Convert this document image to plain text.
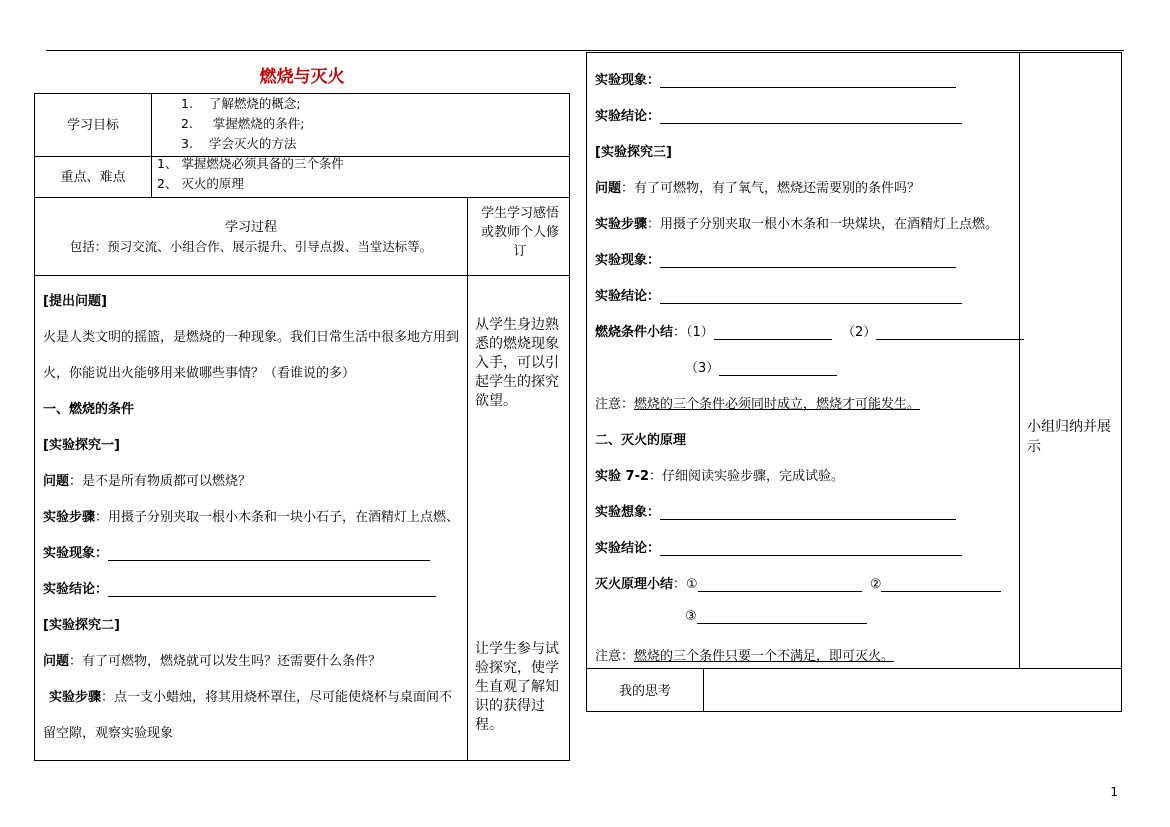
燃烧与灭火
学习目标
1.    了解燃烧的概念;
2.     掌握燃烧的条件;
3.    学会灭火的方法
重点、难点
1、 掌握燃烧必须具备的三个条件
2、 灭火的原理
学习过程
包括：预习交流、小组合作、展示提升、引导点拨、当堂达标等。
学生学习感悟或教师个人修订
[提出问题]
火是人类文明的摇篮，是燃烧的一种现象。我们日常生活中很多地方用到
火，你能说出火能够用来做哪些事情？（看谁说的多）
一、燃烧的条件
[实验探究一]
问题：是不是所有物质都可以燃烧？
实验步骤：用摄子分别夹取一根小木条和一块小石子，在酒精灯上点燃、
实验现象：
实验结论：
[实验探究二]
问题：有了可燃物，燃烧就可以发生吗？还需要什么条件？
实验步骤：点一支小蜡烛，将其用烧杯罩住，尽可能使烧杯与桌面间不
留空隙，观察实验现象
从学生身边熟悉的燃烧现象入手，可以引起学生的探究欲望。
让学生参与试验探究，使学生直观了解知识的获得过程。
实验现象：
实验结论：
[实验探究三]
问题：有了可燃物，有了氧气，燃烧还需要别的条件吗？
实验步骤：用摄子分别夹取一根小木条和一块煤块，在酒精灯上点燃。
实验现象：
实验结论：
燃烧条件小结：（1）	（2）
（3）
注意：燃烧的三个条件必须同时成立，燃烧才可能发生。
二、灭火的原理
实验 7-2：仔细阅读实验步骤，完成试验。
实验想象：
实验结论：
灭火原理小结：①	②
③
注意：燃烧的三个条件只要一个不满足，即可灭火。
小组归纳并展示
我的思考
1
